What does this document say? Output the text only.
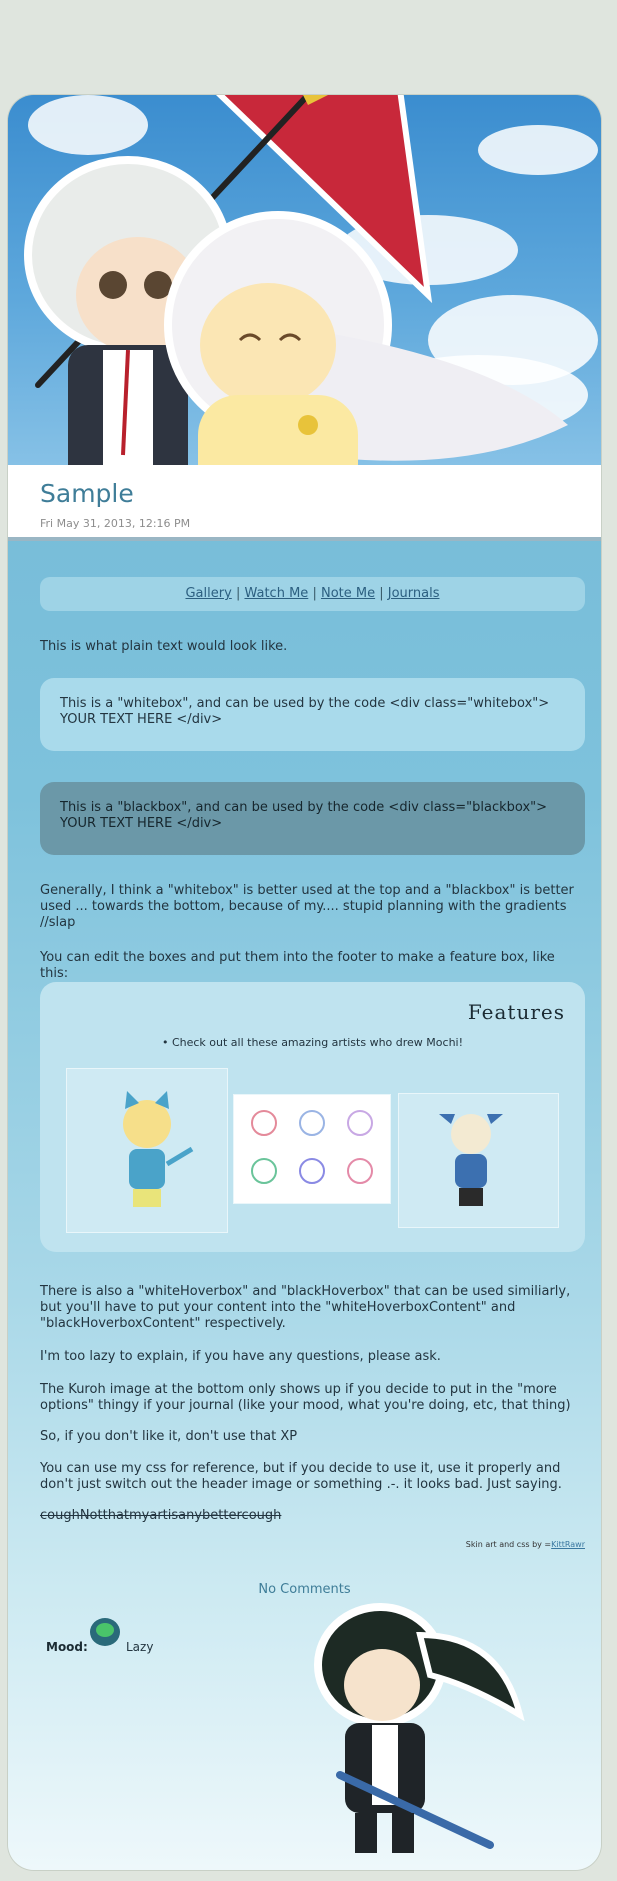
Sample
Fri May 31, 2013, 12:16 PM
Gallery | Watch Me | Note Me | Journals
This is what plain text would look like.
This is a "whitebox", and can be used by the code <div class="whitebox"> YOUR TEXT HERE </div>
This is a "blackbox", and can be used by the code <div class="blackbox"> YOUR TEXT HERE </div>
Generally, I think a "whitebox" is better used at the top and a "blackbox" is better used ... towards the bottom, because of my.... stupid planning with the gradients //slap
You can edit the boxes and put them into the footer to make a feature box, like this:
Features
• Check out all these amazing artists who drew Mochi!
There is also a "whiteHoverbox" and "blackHoverbox" that can be used similiarly, but you'll have to put your content into the "whiteHoverboxContent" and "blackHoverboxContent" respectively.
I'm too lazy to explain, if you have any questions, please ask.
The Kuroh image at the bottom only shows up if you decide to put in the "more options" thingy if your journal (like your mood, what you're doing, etc, that thing)
So, if you don't like it, don't use that XP
You can use my css for reference, but if you decide to use it, use it properly and don't just switch out the header image or something .-. it looks bad. Just saying.
coughNotthatmyartisanybettercough
Skin art and css by =KittRawr
No Comments
Mood:	Lazy
